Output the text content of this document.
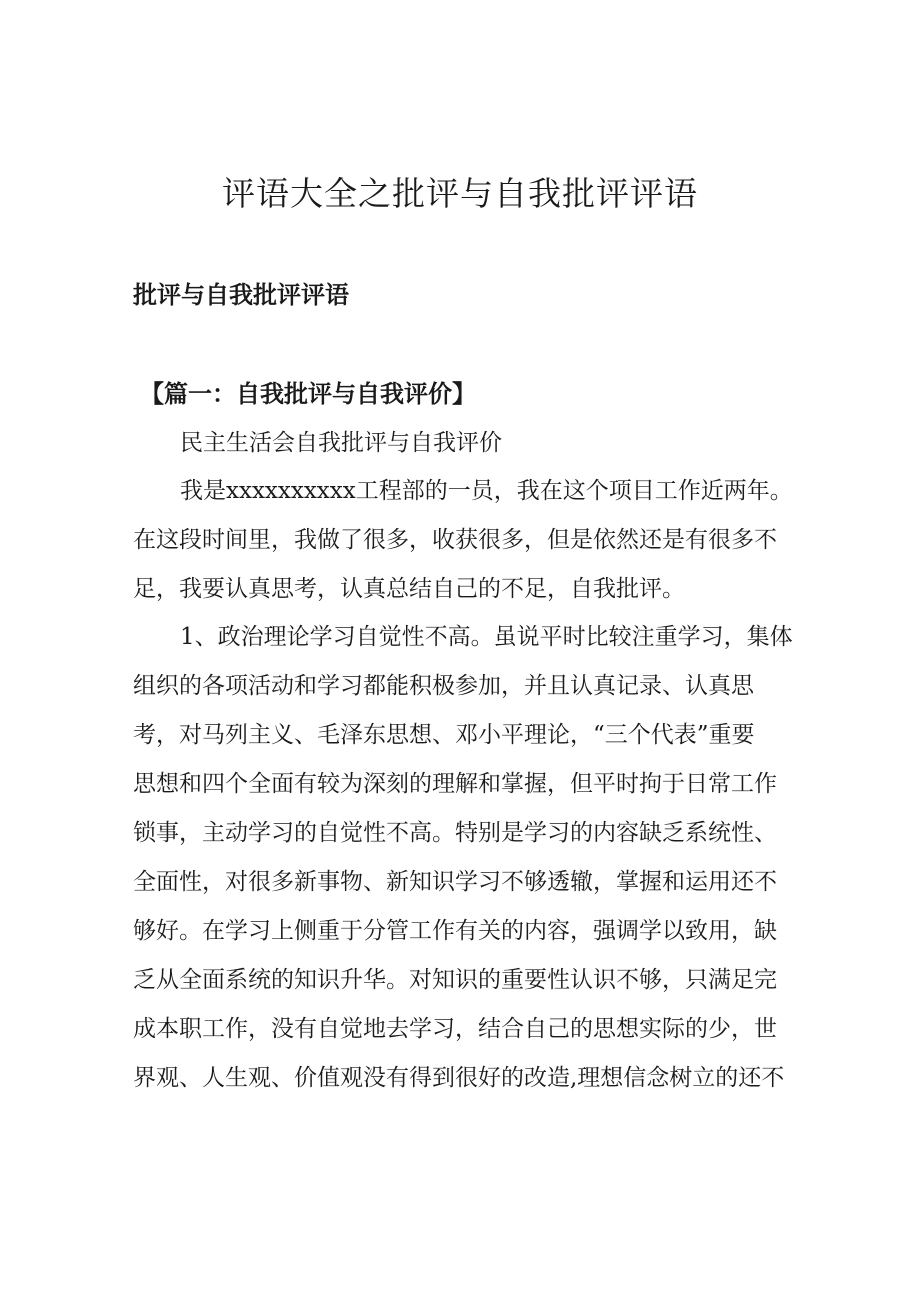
评语大全之批评与自我批评评语
批评与自我批评评语
【篇一：自我批评与自我评价】

民主生活会自我批评与自我评价

我是xxxxxxxxxx工程部的一员，我在这个项目工作近两年。
在这段时间里，我做了很多，收获很多，但是依然还是有很多不
足，我要认真思考，认真总结自己的不足，自我批评。

1、政治理论学习自觉性不高。虽说平时比较注重学习，集体
组织的各项活动和学习都能积极参加，并且认真记录、认真思
考，对马列主义、毛泽东思想、邓小平理论，“三个代表”重要
思想和四个全面有较为深刻的理解和掌握，但平时拘于日常工作
锁事，主动学习的自觉性不高。特别是学习的内容缺乏系统性、
全面性，对很多新事物、新知识学习不够透辙，掌握和运用还不
够好。在学习上侧重于分管工作有关的内容，强调学以致用，缺
乏从全面系统的知识升华。对知识的重要性认识不够，只满足完
成本职工作，没有自觉地去学习，结合自己的思想实际的少，世
界观、人生观、价值观没有得到很好的改造,理想信念树立的还不
